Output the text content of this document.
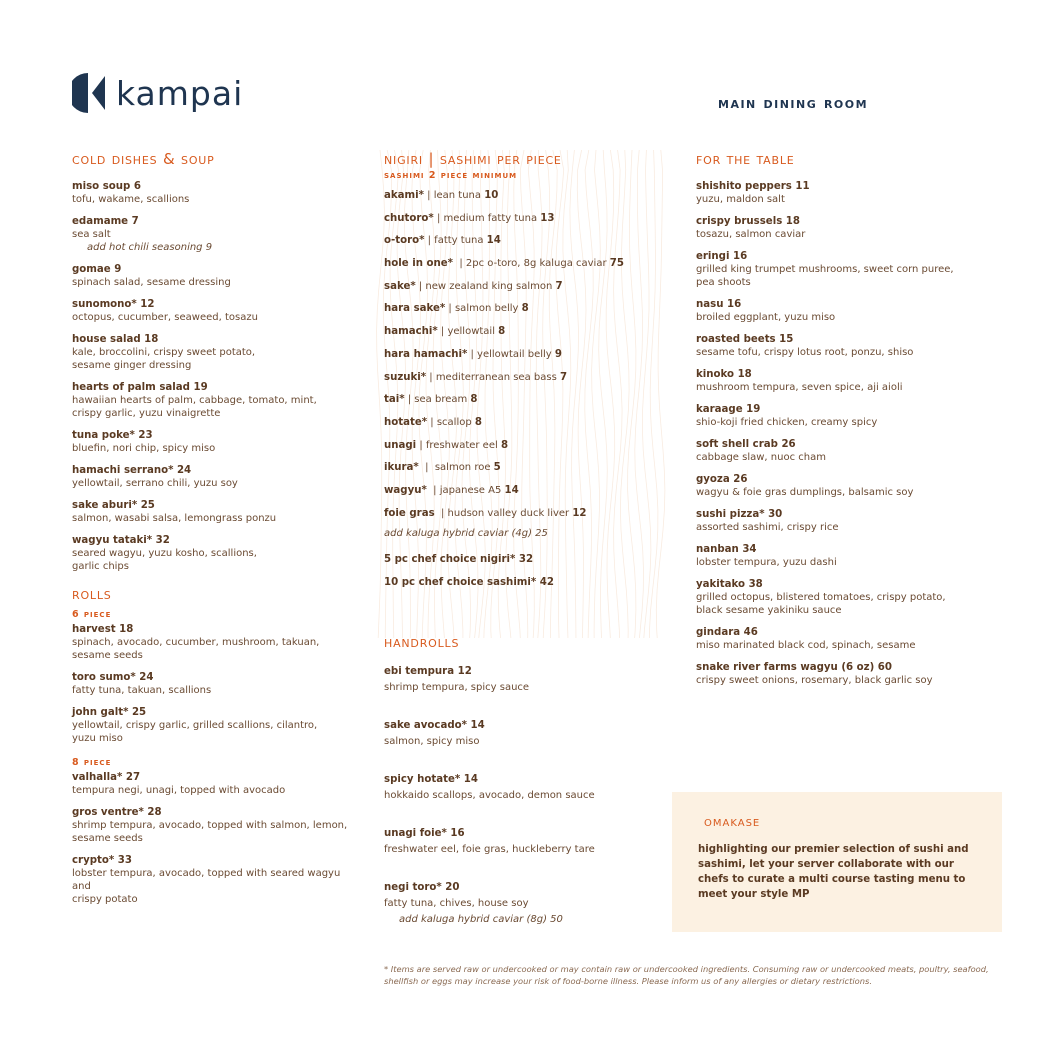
kampai	main dining room
cold dishes & soup
miso soup 6
tofu, wakame, scallions
edamame 7
sea salt
add hot chili seasoning 9
gomae 9
spinach salad, sesame dressing
sunomono* 12
octopus, cucumber, seaweed, tosazu
house salad 18
kale, broccolini, crispy sweet potato,
sesame ginger dressing
hearts of palm salad 19
hawaiian hearts of palm, cabbage, tomato, mint,
crispy garlic, yuzu vinaigrette
tuna poke* 23
bluefin, nori chip, spicy miso
hamachi serrano* 24
yellowtail, serrano chili, yuzu soy
sake aburi* 25
salmon, wasabi salsa, lemongrass ponzu
wagyu tataki* 32
seared wagyu, yuzu kosho, scallions,
garlic chips
rolls
6 piece
harvest 18
spinach, avocado, cucumber, mushroom, takuan,
sesame seeds
toro sumo* 24
fatty tuna, takuan, scallions
john galt* 25
yellowtail, crispy garlic, grilled scallions, cilantro,
yuzu miso
8 piece
valhalla* 27
tempura negi, unagi, topped with avocado
gros ventre* 28
shrimp tempura, avocado, topped with salmon, lemon,
sesame seeds
crypto* 33
lobster tempura, avocado, topped with seared wagyu and
crispy potato
nigiri | sashimi per piece
sashimi 2 piece minimum
akami* | lean tuna 10
chutoro* | medium fatty tuna 13
o-toro* | fatty tuna 14
hole in one*  | 2pc o-toro, 8g kaluga caviar 75
sake* | new zealand king salmon 7
hara sake* | salmon belly 8
hamachi* | yellowtail 8
hara hamachi* | yellowtail belly 9
suzuki* | mediterranean sea bass 7
tai* | sea bream 8
hotate* | scallop 8
unagi | freshwater eel 8
ikura*  |  salmon roe 5
wagyu*  | japanese A5 14
foie gras  | hudson valley duck liver 12
add kaluga hybrid caviar (4g) 25
5 pc chef choice nigiri* 32
10 pc chef choice sashimi* 42
handrolls
ebi tempura 12
shrimp tempura, spicy sauce
sake avocado* 14
salmon, spicy miso
spicy hotate* 14
hokkaido scallops, avocado, demon sauce
unagi foie* 16
freshwater eel, foie gras, huckleberry tare
negi toro* 20
fatty tuna, chives, house soy
add kaluga hybrid caviar (8g) 50
for the table
shishito peppers 11
yuzu, maldon salt
crispy brussels 18
tosazu, salmon caviar
eringi 16
grilled king trumpet mushrooms, sweet corn puree,
pea shoots
nasu 16
broiled eggplant, yuzu miso
roasted beets 15
sesame tofu, crispy lotus root, ponzu, shiso
kinoko 18
mushroom tempura, seven spice, aji aioli
karaage 19
shio-koji fried chicken, creamy spicy
soft shell crab 26
cabbage slaw, nuoc cham
gyoza 26
wagyu & foie gras dumplings, balsamic soy
sushi pizza* 30
assorted sashimi, crispy rice
nanban 34
lobster tempura, yuzu dashi
yakitako 38
grilled octopus, blistered tomatoes, crispy potato,
black sesame yakiniku sauce
gindara 46
miso marinated black cod, spinach, sesame
snake river farms wagyu (6 oz) 60
crispy sweet onions, rosemary, black garlic soy
omakase
highlighting our premier selection of sushi and
sashimi, let your server collaborate with our
chefs to curate a multi course tasting menu to
meet your style MP
* Items are served raw or undercooked or may contain raw or undercooked ingredients. Consuming raw or undercooked meats, poultry, seafood,
shellfish or eggs may increase your risk of food-borne illness. Please inform us of any allergies or dietary restrictions.
